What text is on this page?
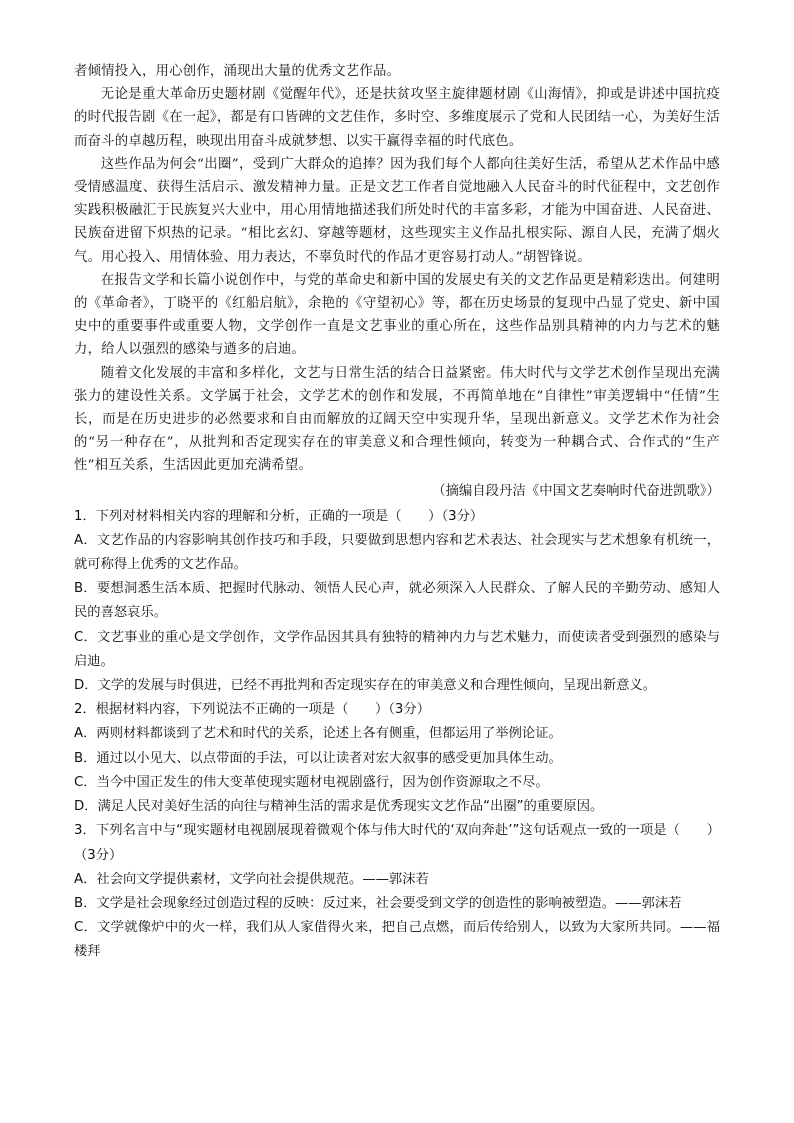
者倾情投入，用心创作，涌现出大量的优秀文艺作品。

无论是重大革命历史题材剧《觉醒年代》，还是扶贫攻坚主旋律题材剧《山海情》，抑或是讲述中国抗疫的时代报告剧《在一起》，都是有口皆碑的文艺佳作，多时空、多维度展示了党和人民团结一心，为美好生活而奋斗的卓越历程，映现出用奋斗成就梦想、以实干赢得幸福的时代底色。

这些作品为何会“出圈”，受到广大群众的追捧？因为我们每个人都向往美好生活，希望从艺术作品中感受情感温度、获得生活启示、激发精神力量。正是文艺工作者自觉地融入人民奋斗的时代征程中，文艺创作实践积极融汇于民族复兴大业中，用心用情地描述我们所处时代的丰富多彩，才能为中国奋进、人民奋进、民族奋进留下炽热的记录。“相比玄幻、穿越等题材，这些现实主义作品扎根实际、源自人民，充满了烟火气。用心投入、用情体验、用力表达，不辜负时代的作品才更容易打动人。”胡智锋说。

在报告文学和长篇小说创作中，与党的革命史和新中国的发展史有关的文艺作品更是精彩迭出。何建明的《革命者》，丁晓平的《红船启航》，余艳的《守望初心》等，都在历史场景的复现中凸显了党史、新中国史中的重要事件或重要人物，文学创作一直是文艺事业的重心所在，这些作品别具精神的内力与艺术的魅力，给人以强烈的感染与遒多的启迪。

随着文化发展的丰富和多样化，文艺与日常生活的结合日益紧密。伟大时代与文学艺术创作呈现出充满张力的建设性关系。文学属于社会，文学艺术的创作和发展，不再简单地在“自律性”审美逻辑中“任情”生长，而是在历史进步的必然要求和自由而解放的辽阔天空中实现升华，呈现出新意义。文学艺术作为社会的“另一种存在”，从批判和否定现实存在的审美意义和合理性倾向，转变为一种耦合式、合作式的“生产性”相互关系，生活因此更加充满希望。

（摘编自段丹洁《中国文艺奏响时代奋进凯歌》）

1．下列对材料相关内容的理解和分析，正确的一项是（　　）（3分）

A．文艺作品的内容影响其创作技巧和手段，只要做到思想内容和艺术表达、社会现实与艺术想象有机统一，就可称得上优秀的文艺作品。

B．要想洞悉生活本质、把握时代脉动、领悟人民心声，就必须深入人民群众、了解人民的辛勤劳动、感知人民的喜怒哀乐。

C．文艺事业的重心是文学创作，文学作品因其具有独特的精神内力与艺术魅力，而使读者受到强烈的感染与启迪。

D．文学的发展与时俱进，已经不再批判和否定现实存在的审美意义和合理性倾向，呈现出新意义。

2．根据材料内容，下列说法不正确的一项是（　　）（3分）

A．两则材料都谈到了艺术和时代的关系，论述上各有侧重，但都运用了举例论证。

B．通过以小见大、以点带面的手法，可以让读者对宏大叙事的感受更加具体生动。

C．当今中国正发生的伟大变革使现实题材电视剧盛行，因为创作资源取之不尽。

D．满足人民对美好生活的向往与精神生活的需求是优秀现实文艺作品“出圈”的重要原因。

3．下列名言中与“现实题材电视剧展现着微观个体与伟大时代的‘双向奔赴’”这句话观点一致的一项是（　　）（3分）

A．社会向文学提供素材，文学向社会提供规范。——郭沫若

B．文学是社会现象经过创造过程的反映：反过来，社会要受到文学的创造性的影响被塑造。——郭沫若

C．文学就像炉中的火一样，我们从人家借得火来，把自己点燃，而后传给别人，以致为大家所共同。——福楼拜
